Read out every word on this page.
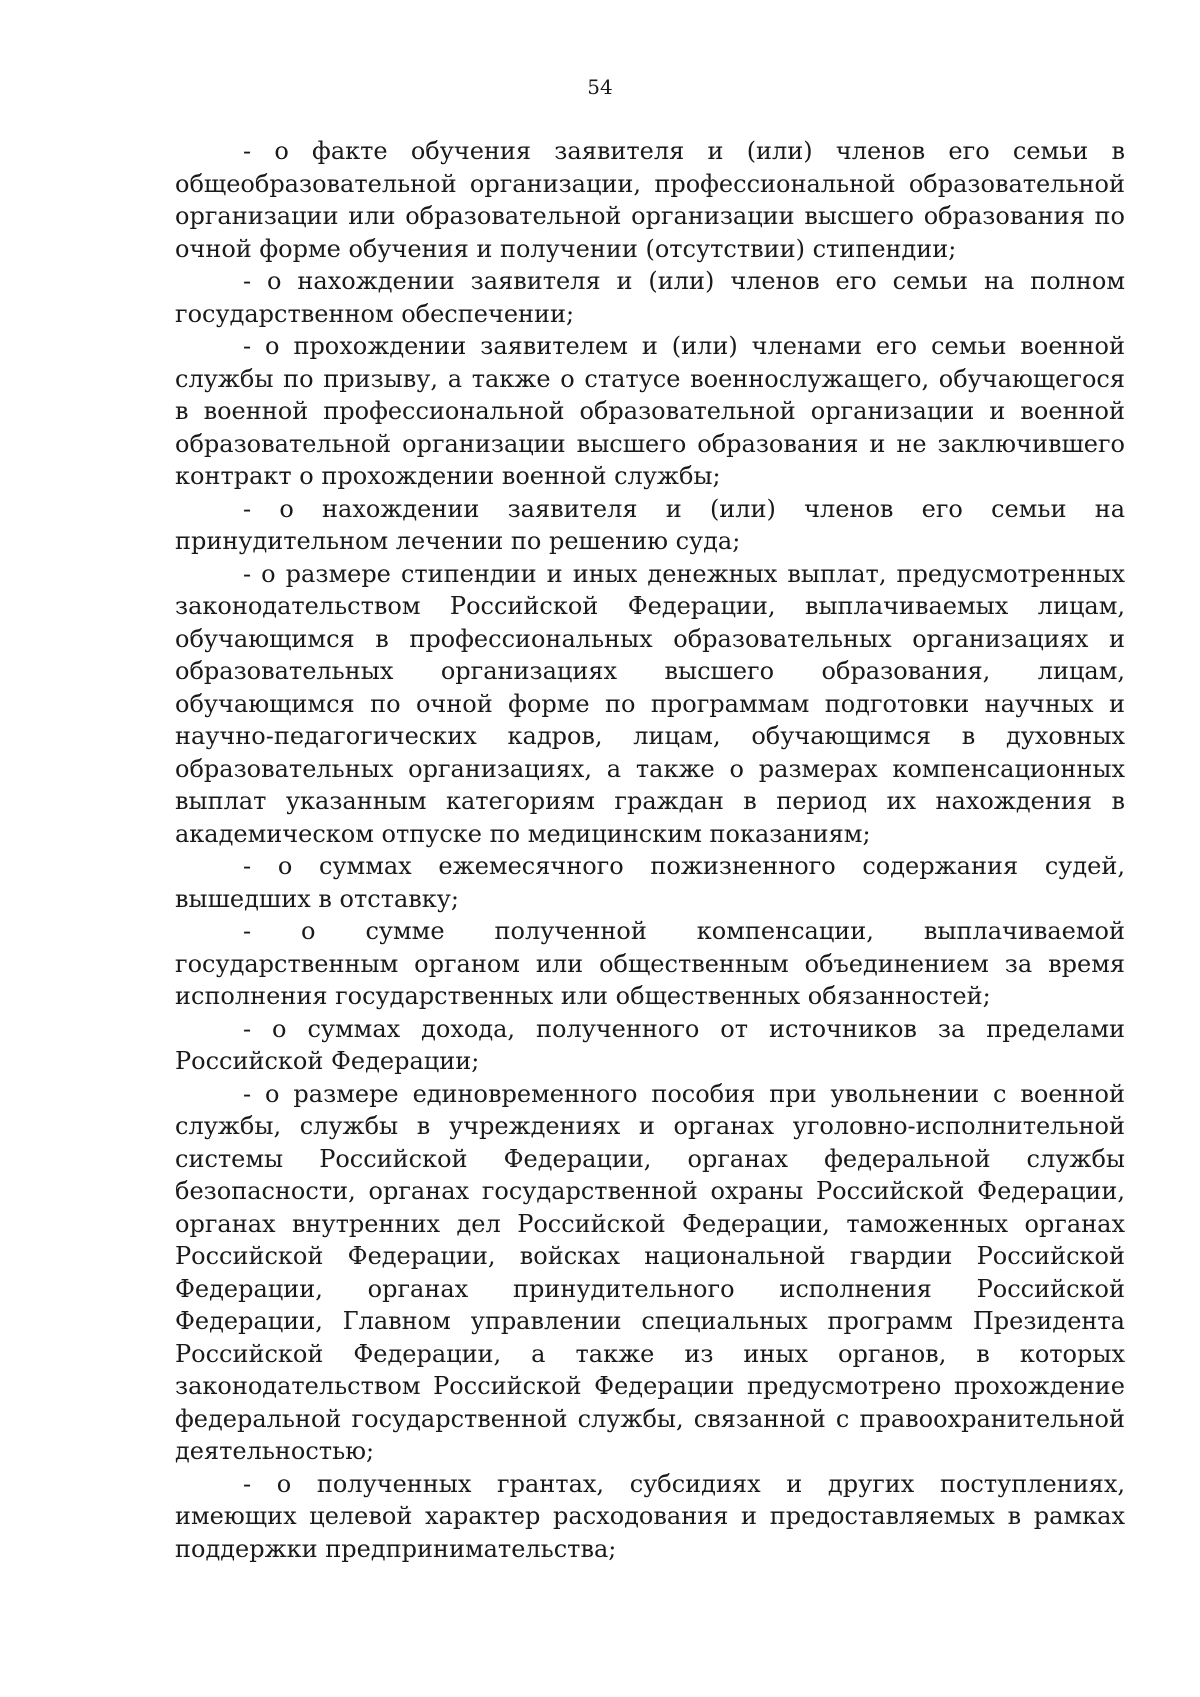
54

- о факте обучения заявителя и (или) членов его семьи в общеобразовательной организации, профессиональной образовательной организации или образовательной организации высшего образования по очной форме обучения и получении (отсутствии) стипендии;

- о нахождении заявителя и (или) членов его семьи на полном государственном обеспечении;

- о прохождении заявителем и (или) членами его семьи военной службы по призыву, а также о статусе военнослужащего, обучающегося в военной профессиональной образовательной организации и военной образовательной организации высшего образования и не заключившего контракт о прохождении военной службы;

- о нахождении заявителя и (или) членов его семьи на принудительном лечении по решению суда;

- о размере стипендии и иных денежных выплат, предусмотренных законодательством Российской Федерации, выплачиваемых лицам, обучающимся в профессиональных образовательных организациях и образовательных организациях высшего образования, лицам, обучающимся по очной форме по программам подготовки научных и научно-педагогических кадров, лицам, обучающимся в духовных образовательных организациях, а также о размерах компенсационных выплат указанным категориям граждан в период их нахождения в академическом отпуске по медицинским показаниям;

- о суммах ежемесячного пожизненного содержания судей, вышедших в отставку;

- о сумме полученной компенсации, выплачиваемой государственным органом или общественным объединением за время исполнения государственных или общественных обязанностей;

- о суммах дохода, полученного от источников за пределами Российской Федерации;

- о размере единовременного пособия при увольнении с военной службы, службы в учреждениях и органах уголовно-исполнительной системы Российской Федерации, органах федеральной службы безопасности, органах государственной охраны Российской Федерации, органах внутренних дел Российской Федерации, таможенных органах Российской Федерации, войсках национальной гвардии Российской Федерации, органах принудительного исполнения Российской Федерации, Главном управлении специальных программ Президента Российской Федерации, а также из иных органов, в которых законодательством Российской Федерации предусмотрено прохождение федеральной государственной службы, связанной с правоохранительной деятельностью;

- о полученных грантах, субсидиях и других поступлениях, имеющих целевой характер расходования и предоставляемых в рамках поддержки предпринимательства;
